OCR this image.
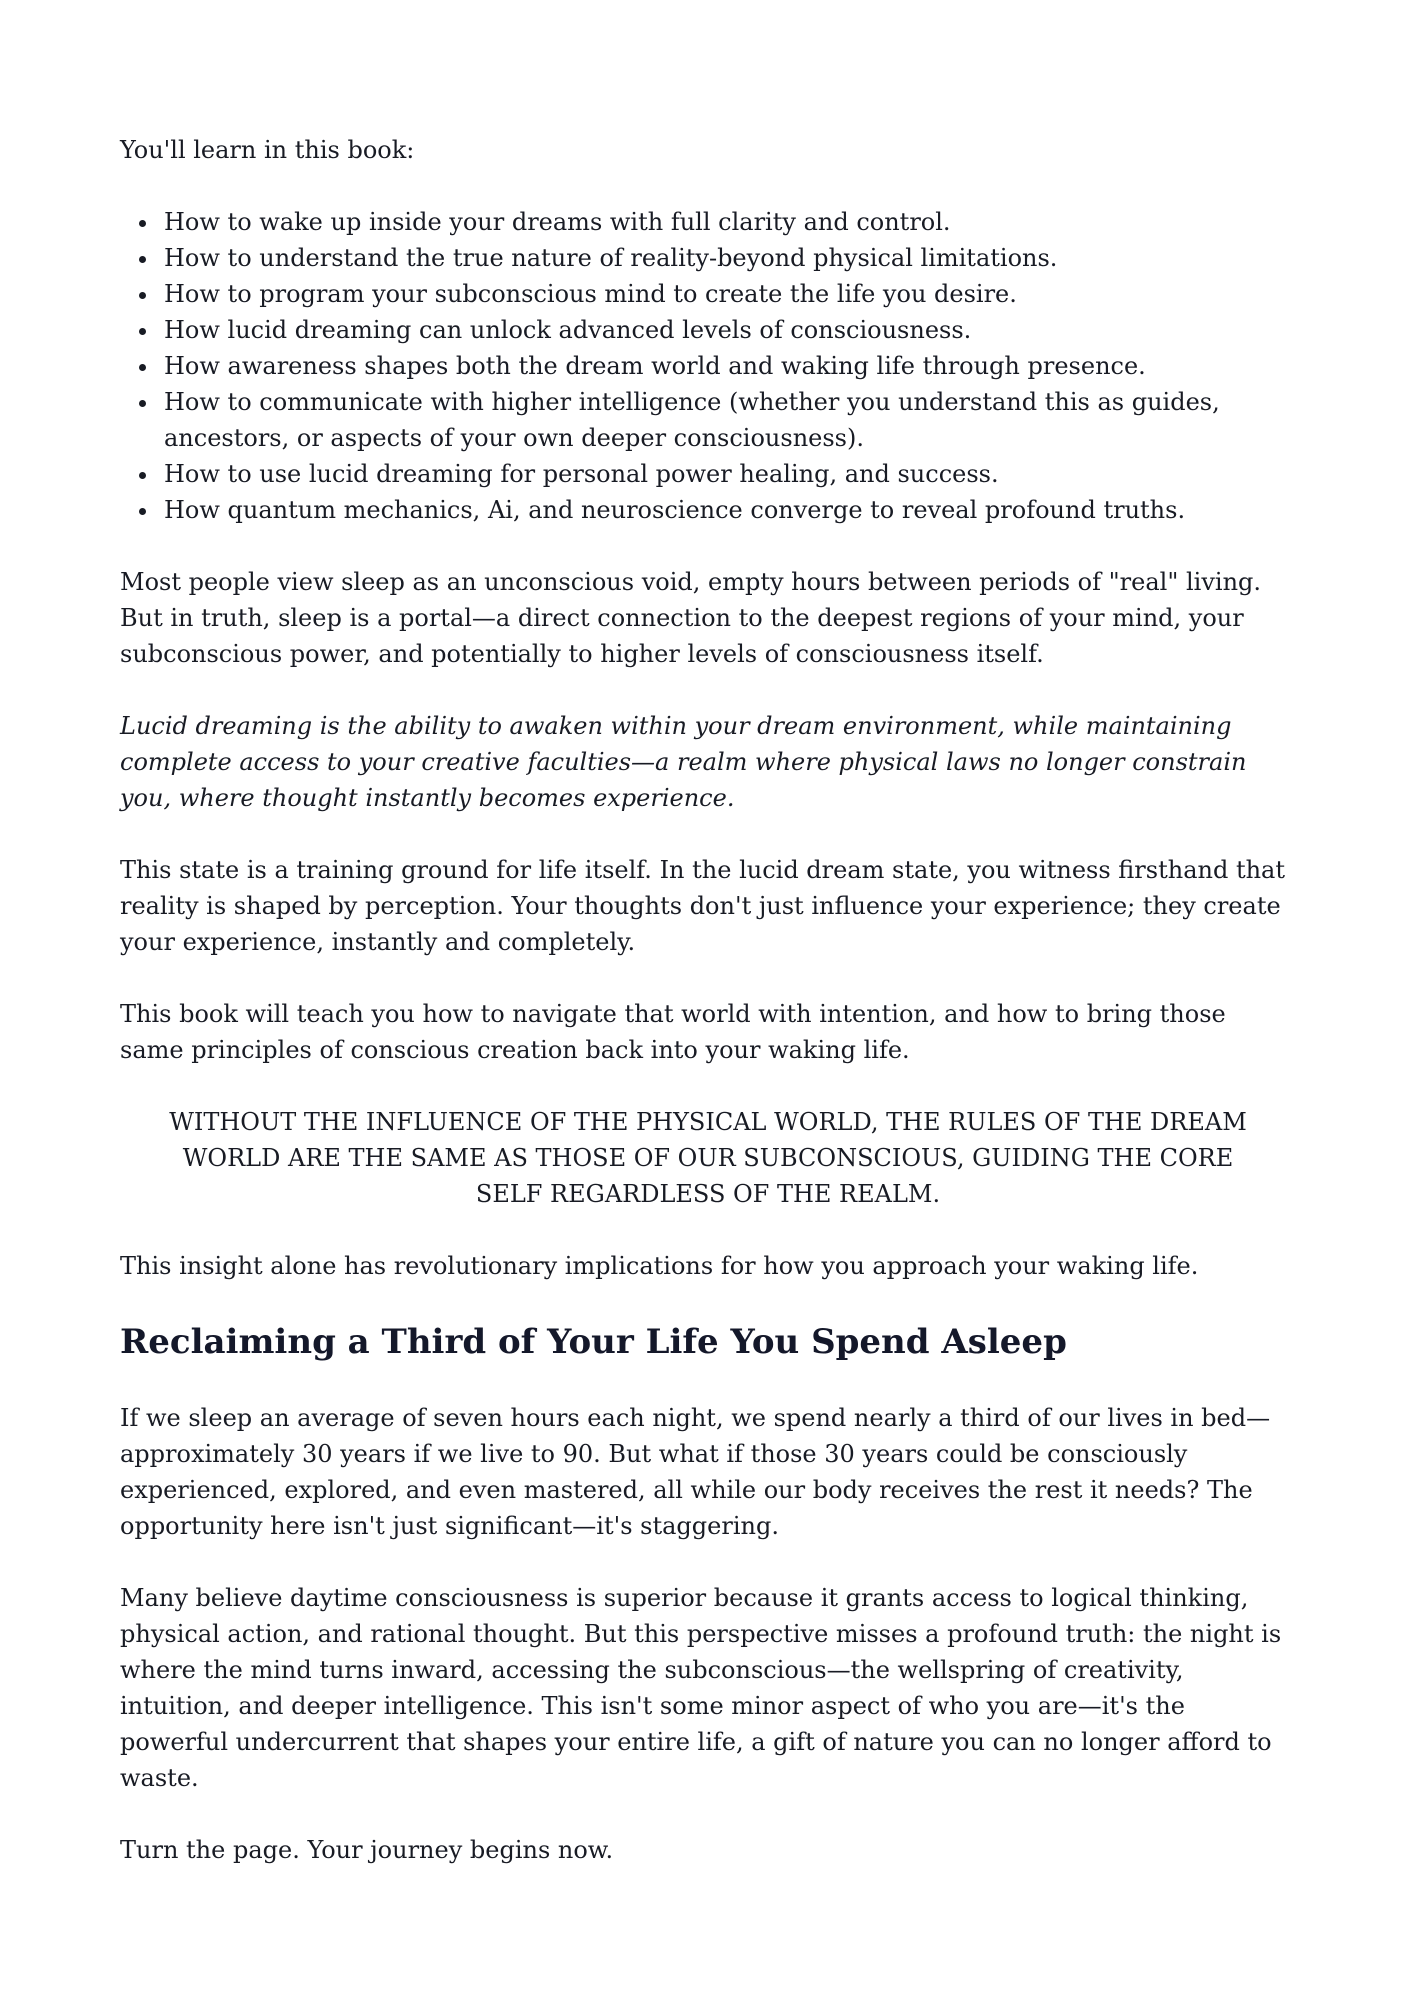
You'll learn in this book:

• How to wake up inside your dreams with full clarity and control.
• How to understand the true nature of reality-beyond physical limitations.
• How to program your subconscious mind to create the life you desire.
• How lucid dreaming can unlock advanced levels of consciousness.
• How awareness shapes both the dream world and waking life through presence.
• How to communicate with higher intelligence (whether you understand this as guides, ancestors, or aspects of your own deeper consciousness).
• How to use lucid dreaming for personal power healing, and success.
• How quantum mechanics, Ai, and neuroscience converge to reveal profound truths.

Most people view sleep as an unconscious void, empty hours between periods of "real" living. But in truth, sleep is a portal—a direct connection to the deepest regions of your mind, your subconscious power, and potentially to higher levels of consciousness itself.

Lucid dreaming is the ability to awaken within your dream environment, while maintaining complete access to your creative faculties—a realm where physical laws no longer constrain you, where thought instantly becomes experience.

This state is a training ground for life itself. In the lucid dream state, you witness firsthand that reality is shaped by perception. Your thoughts don't just influence your experience; they create your experience, instantly and completely.

This book will teach you how to navigate that world with intention, and how to bring those same principles of conscious creation back into your waking life.

WITHOUT THE INFLUENCE OF THE PHYSICAL WORLD, THE RULES OF THE DREAM WORLD ARE THE SAME AS THOSE OF OUR SUBCONSCIOUS, GUIDING THE CORE SELF REGARDLESS OF THE REALM.

This insight alone has revolutionary implications for how you approach your waking life.

Reclaiming a Third of Your Life You Spend Asleep

If we sleep an average of seven hours each night, we spend nearly a third of our lives in bed—approximately 30 years if we live to 90. But what if those 30 years could be consciously experienced, explored, and even mastered, all while our body receives the rest it needs? The opportunity here isn't just significant—it's staggering.

Many believe daytime consciousness is superior because it grants access to logical thinking, physical action, and rational thought. But this perspective misses a profound truth: the night is where the mind turns inward, accessing the subconscious—the wellspring of creativity, intuition, and deeper intelligence. This isn't some minor aspect of who you are—it's the powerful undercurrent that shapes your entire life, a gift of nature you can no longer afford to waste.

Turn the page. Your journey begins now.
